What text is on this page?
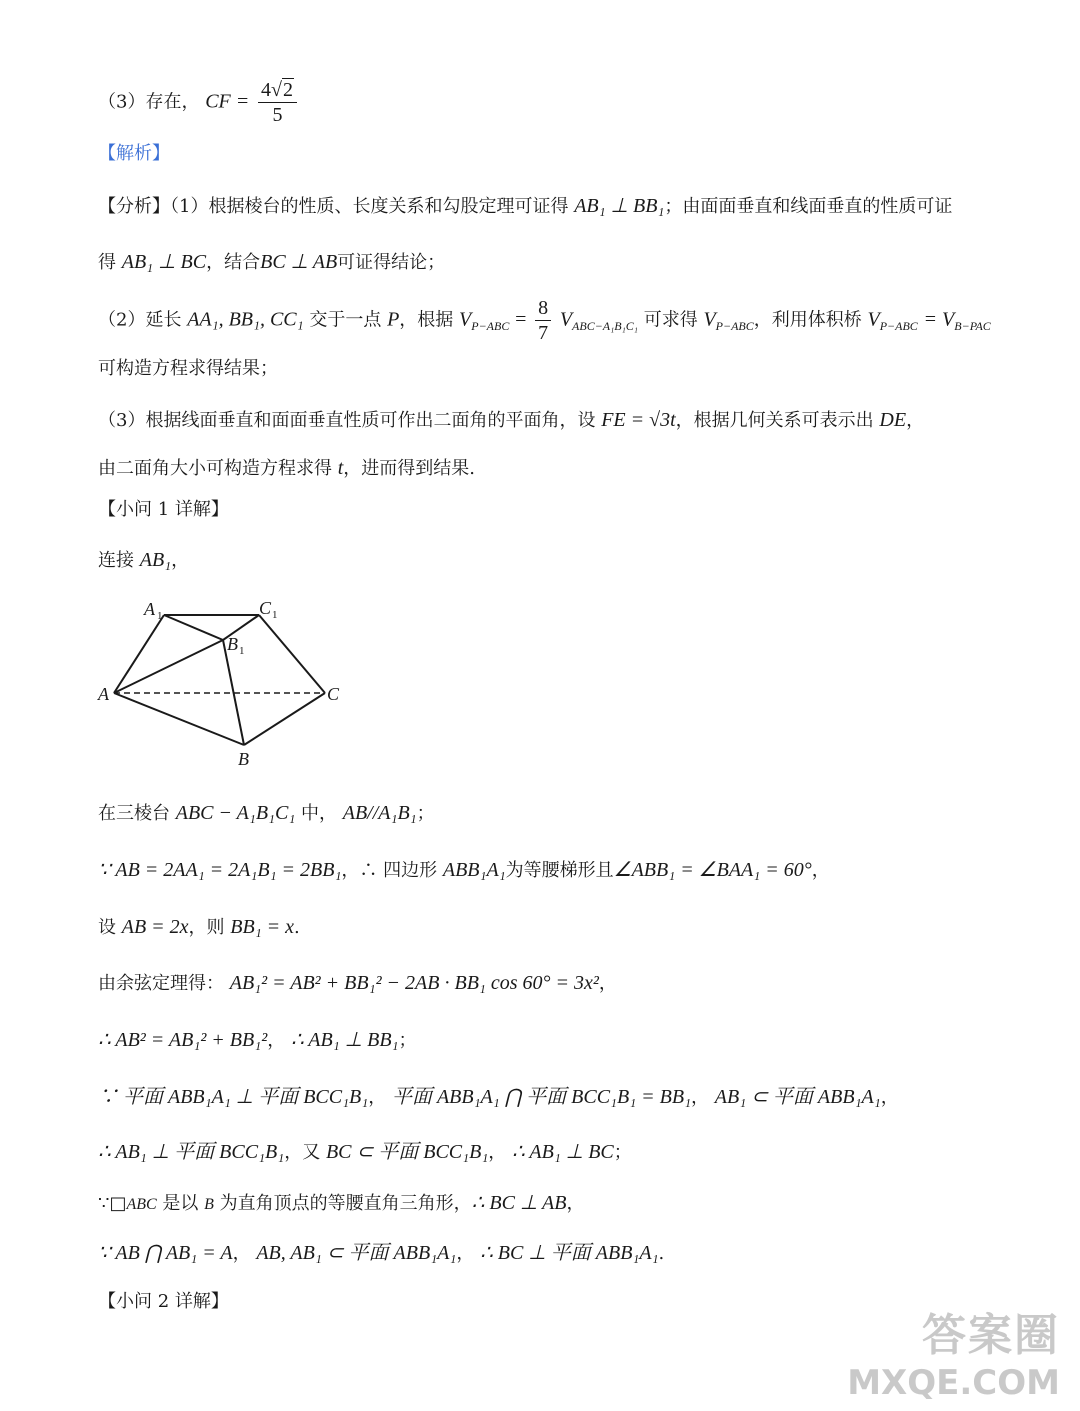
（3）存在， CF = $\frac{4√2}{5}$
【解析】
【分析】（1）根据棱台的性质、长度关系和勾股定理可证得 AB₁ ⊥ BB₁；由面面垂直和线面垂直的性质可证
得 AB₁ ⊥ BC，结合BC ⊥ AB可证得结论；
（2）延长 AA₁, BB₁, CC₁ 交于一点 P，根据 $V_{P-ABC} = \frac{8}{7} V_{ABC-A_1B_1C_1}$ 可求得 $V_{P-ABC}$，利用体积桥 $V_{P-ABC} = V_{B-PAC}$
可构造方程求得结果；
（3）根据线面垂直和面面垂直性质可作出二面角的平面角，设 FE = √3t，根据几何关系可表示出 DE，
由二面角大小可构造方程求得 t，进而得到结果.
【小问 1 详解】
连接 AB₁，
A 1	C 1
B 1
A	C
B
在三棱台 ABC − A₁B₁C₁ 中， AB//A₁B₁；
∵ AB = 2AA₁ = 2A₁B₁ = 2BB₁，∴ 四边形 ABB₁A₁为等腰梯形且∠ABB₁ = ∠BAA₁ = 60°，
设 AB = 2x，则 BB₁ = x.
由余弦定理得： AB₁² = AB² + BB₁² − 2AB · BB₁ cos 60° = 3x²，
∴ AB² = AB₁² + BB₁²， ∴ AB₁ ⊥ BB₁；
∵ 平面 ABB₁A₁ ⊥ 平面 BCC₁B₁， 平面 ABB₁A₁ ⋂ 平面 BCC₁B₁ = BB₁， AB₁ ⊂ 平面 ABB₁A₁，
∴ AB₁ ⊥ 平面 BCC₁B₁，又 BC ⊂ 平面 BCC₁B₁， ∴ AB₁ ⊥ BC；
∵□ABC 是以 B 为直角顶点的等腰直角三角形，∴ BC ⊥ AB，
∵ AB ⋂ AB₁ = A， AB, AB₁ ⊂ 平面 ABB₁A₁， ∴ BC ⊥ 平面 ABB₁A₁.
【小问 2 详解】
答案圈
MXQE.COM
